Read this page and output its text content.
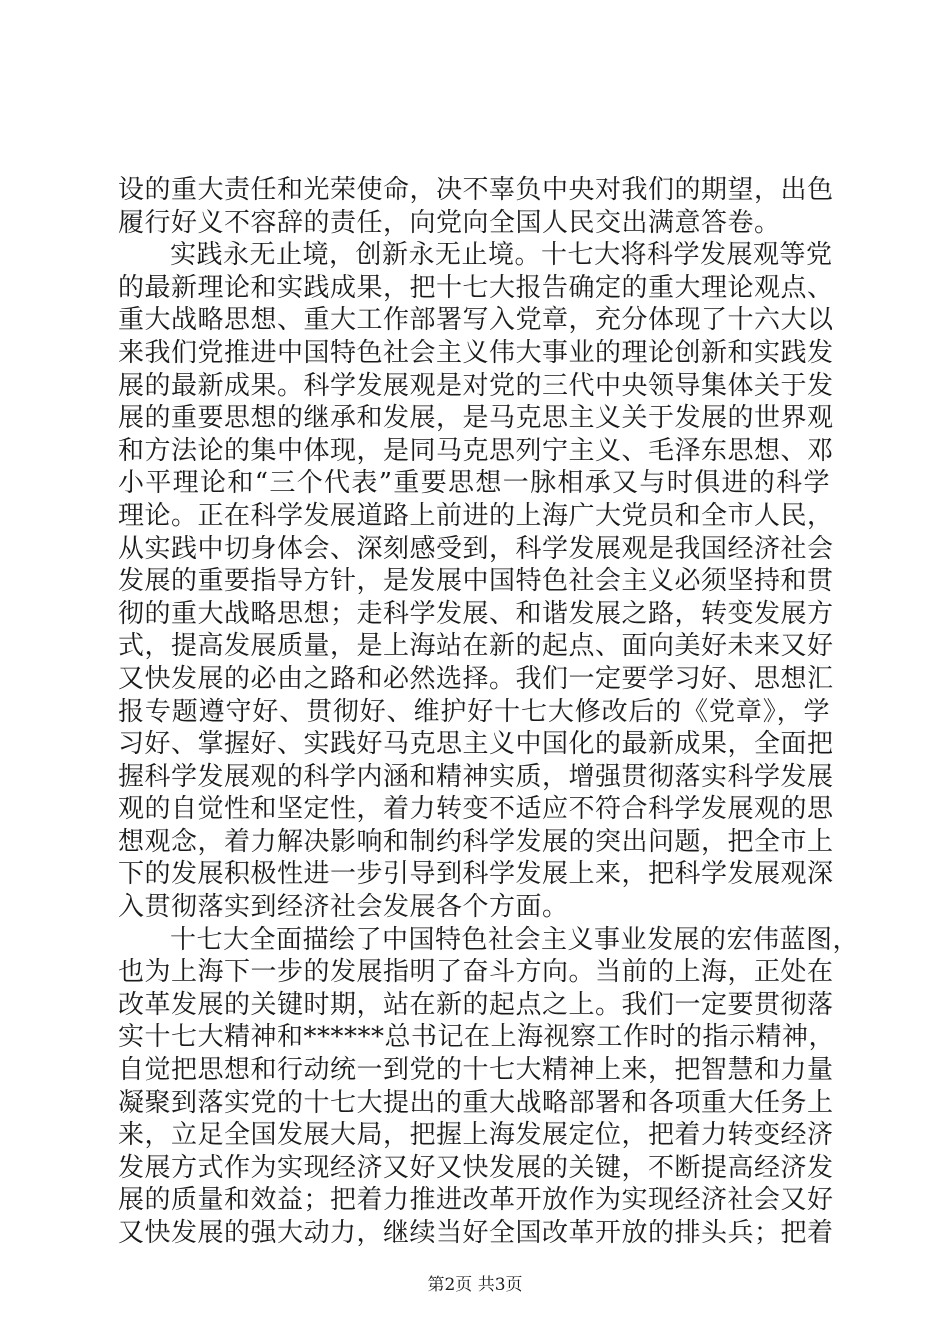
设的重大责任和光荣使命，决不辜负中央对我们的期望，出色
履行好义不容辞的责任，向党向全国人民交出满意答卷。
实践永无止境，创新永无止境。十七大将科学发展观等党
的最新理论和实践成果，把十七大报告确定的重大理论观点、
重大战略思想、重大工作部署写入党章，充分体现了十六大以
来我们党推进中国特色社会主义伟大事业的理论创新和实践发
展的最新成果。科学发展观是对党的三代中央领导集体关于发
展的重要思想的继承和发展，是马克思主义关于发展的世界观
和方法论的集中体现，是同马克思列宁主义、毛泽东思想、邓
小平理论和“三个代表”重要思想一脉相承又与时俱进的科学
理论。正在科学发展道路上前进的上海广大党员和全市人民，
从实践中切身体会、深刻感受到，科学发展观是我国经济社会
发展的重要指导方针，是发展中国特色社会主义必须坚持和贯
彻的重大战略思想；走科学发展、和谐发展之路，转变发展方
式，提高发展质量，是上海站在新的起点、面向美好未来又好
又快发展的必由之路和必然选择。我们一定要学习好、思想汇
报专题遵守好、贯彻好、维护好十七大修改后的《党章》，学
习好、掌握好、实践好马克思主义中国化的最新成果，全面把
握科学发展观的科学内涵和精神实质，增强贯彻落实科学发展
观的自觉性和坚定性，着力转变不适应不符合科学发展观的思
想观念，着力解决影响和制约科学发展的突出问题，把全市上
下的发展积极性进一步引导到科学发展上来，把科学发展观深
入贯彻落实到经济社会发展各个方面。
十七大全面描绘了中国特色社会主义事业发展的宏伟蓝图，
也为上海下一步的发展指明了奋斗方向。当前的上海，正处在
改革发展的关键时期，站在新的起点之上。我们一定要贯彻落
实十七大精神和******总书记在上海视察工作时的指示精神，
自觉把思想和行动统一到党的十七大精神上来，把智慧和力量
凝聚到落实党的十七大提出的重大战略部署和各项重大任务上
来，立足全国发展大局，把握上海发展定位，把着力转变经济
发展方式作为实现经济又好又快发展的关键，不断提高经济发
展的质量和效益；把着力推进改革开放作为实现经济社会又好
又快发展的强大动力，继续当好全国改革开放的排头兵；把着
第2页 共3页
